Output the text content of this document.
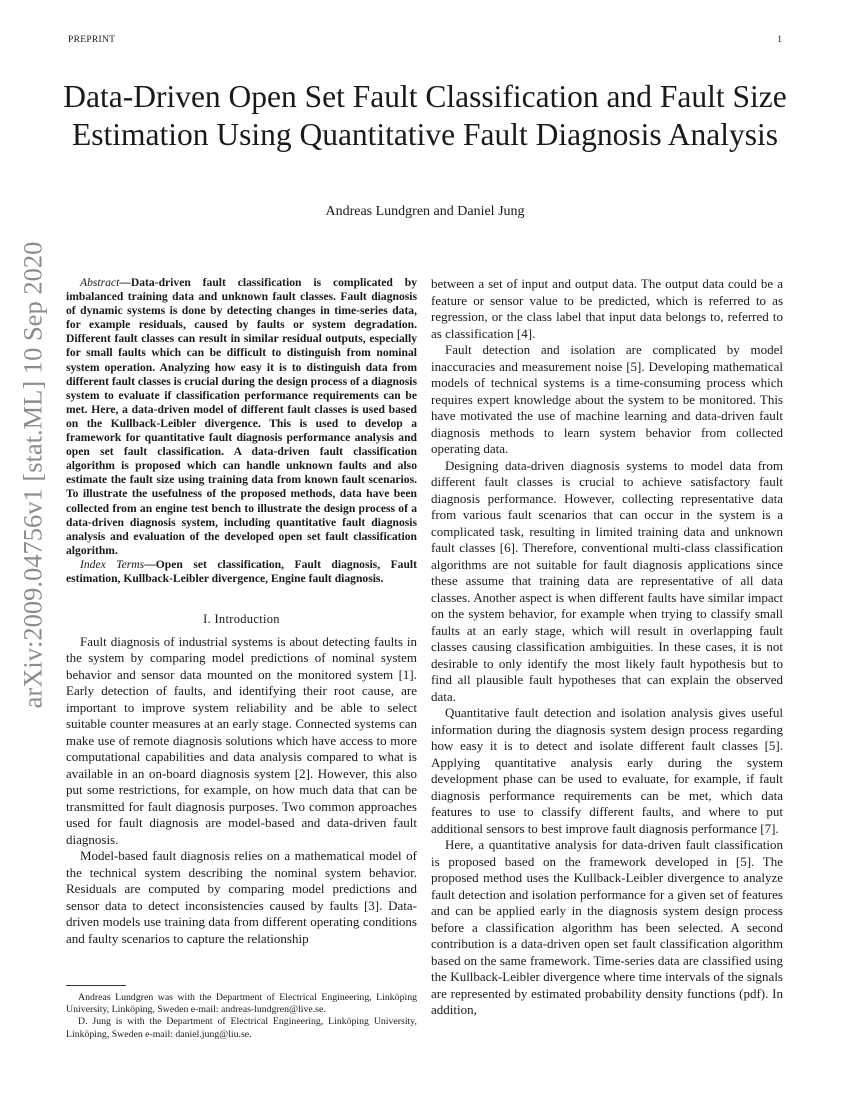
PREPRINT	1
arXiv:2009.04756v1 [stat.ML] 10 Sep 2020
Data-Driven Open Set Fault Classification and Fault Size Estimation Using Quantitative Fault Diagnosis Analysis
Andreas Lundgren and Daniel Jung

Abstract—Data-driven fault classification is complicated by imbalanced training data and unknown fault classes. Fault diagnosis of dynamic systems is done by detecting changes in time-series data, for example residuals, caused by faults or system degradation. Different fault classes can result in similar residual outputs, especially for small faults which can be difficult to distinguish from nominal system operation. Analyzing how easy it is to distinguish data from different fault classes is crucial during the design process of a diagnosis system to evaluate if classification performance requirements can be met. Here, a data-driven model of different fault classes is used based on the Kullback-Leibler divergence. This is used to develop a framework for quantitative fault diagnosis performance analysis and open set fault classification. A data-driven fault classification algorithm is proposed which can handle unknown faults and also estimate the fault size using training data from known fault scenarios. To illustrate the usefulness of the proposed methods, data have been collected from an engine test bench to illustrate the design process of a data-driven diagnosis system, including quantitative fault diagnosis analysis and evaluation of the developed open set fault classification algorithm.

Index Terms—Open set classification, Fault diagnosis, Fault estimation, Kullback-Leibler divergence, Engine fault diagnosis.

I. Introduction

Fault diagnosis of industrial systems is about detecting faults in the system by comparing model predictions of nominal system behavior and sensor data mounted on the monitored system [1]. Early detection of faults, and identifying their root cause, are important to improve system reliability and be able to select suitable counter measures at an early stage. Connected systems can make use of remote diagnosis solutions which have access to more computational capabilities and data analysis compared to what is available in an on-board diagnosis system [2]. However, this also put some restrictions, for example, on how much data that can be transmitted for fault diagnosis purposes. Two common approaches used for fault diagnosis are model-based and data-driven fault diagnosis.

Model-based fault diagnosis relies on a mathematical model of the technical system describing the nominal system behavior. Residuals are computed by comparing model predictions and sensor data to detect inconsistencies caused by faults [3]. Data-driven models use training data from different operating conditions and faulty scenarios to capture the relationship

between a set of input and output data. The output data could be a feature or sensor value to be predicted, which is referred to as regression, or the class label that input data belongs to, referred to as classification [4].

Fault detection and isolation are complicated by model inaccuracies and measurement noise [5]. Developing mathematical models of technical systems is a time-consuming process which requires expert knowledge about the system to be monitored. This have motivated the use of machine learning and data-driven fault diagnosis methods to learn system behavior from collected operating data.

Designing data-driven diagnosis systems to model data from different fault classes is crucial to achieve satisfactory fault diagnosis performance. However, collecting representative data from various fault scenarios that can occur in the system is a complicated task, resulting in limited training data and unknown fault classes [6]. Therefore, conventional multi-class classification algorithms are not suitable for fault diagnosis applications since these assume that training data are representative of all data classes. Another aspect is when different faults have similar impact on the system behavior, for example when trying to classify small faults at an early stage, which will result in overlapping fault classes causing classification ambiguities. In these cases, it is not desirable to only identify the most likely fault hypothesis but to find all plausible fault hypotheses that can explain the observed data.

Quantitative fault detection and isolation analysis gives useful information during the diagnosis system design process regarding how easy it is to detect and isolate different fault classes [5]. Applying quantitative analysis early during the system development phase can be used to evaluate, for example, if fault diagnosis performance requirements can be met, which data features to use to classify different faults, and where to put additional sensors to best improve fault diagnosis performance [7].

Here, a quantitative analysis for data-driven fault classification is proposed based on the framework developed in [5]. The proposed method uses the Kullback-Leibler divergence to analyze fault detection and isolation performance for a given set of features and can be applied early in the diagnosis system design process before a classification algorithm has been selected. A second contribution is a data-driven open set fault classification algorithm based on the same framework. Time-series data are classified using the Kullback-Leibler divergence where time intervals of the signals are represented by estimated probability density functions (pdf). In addition,

Andreas Lundgren was with the Department of Electrical Engineering, Linköping University, Linköping, Sweden e-mail: andreas-lundgren@live.se.

D. Jung is with the Department of Electrical Engineering, Linköping University, Linköping, Sweden e-mail: daniel.jung@liu.se.
